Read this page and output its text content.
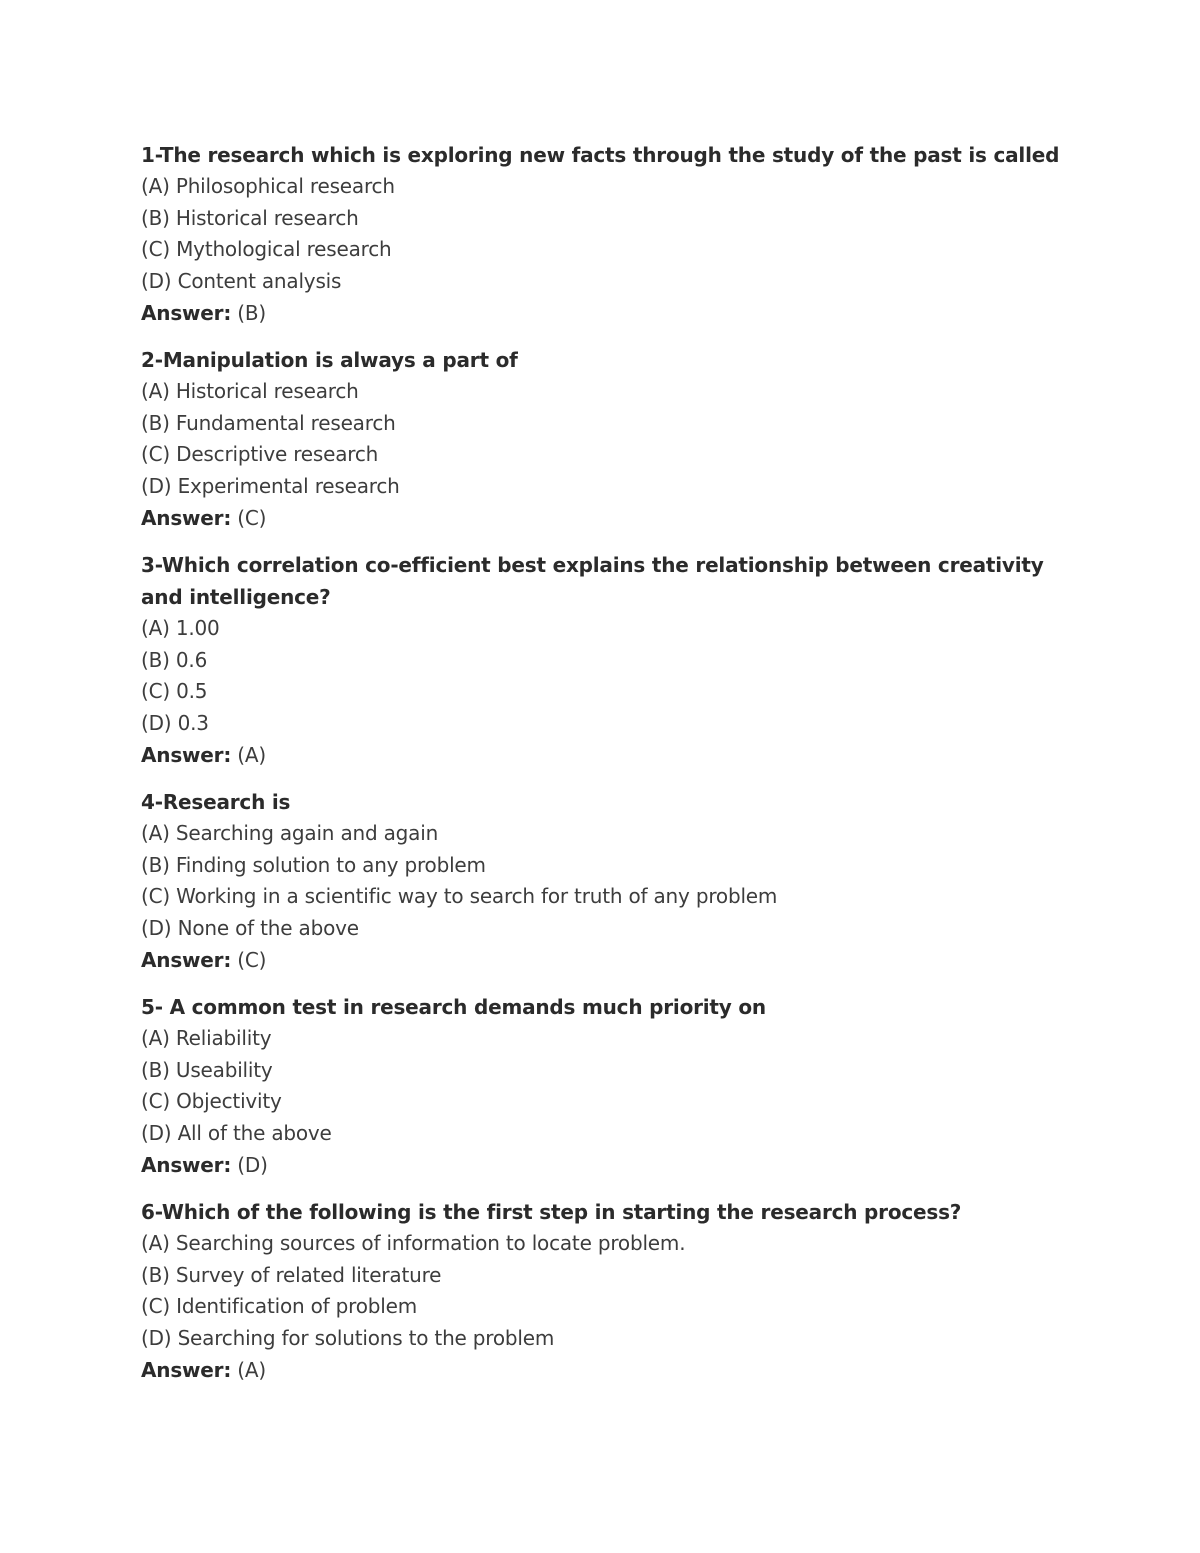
1-The research which is exploring new facts through the study of the past is called
(A) Philosophical research
(B) Historical research
(C) Mythological research
(D) Content analysis
Answer: (B)
2-Manipulation is always a part of
(A) Historical research
(B) Fundamental research
(C) Descriptive research
(D) Experimental research
Answer: (C)
3-Which correlation co-efficient best explains the relationship between creativity and intelligence?
(A) 1.00
(B) 0.6
(C) 0.5
(D) 0.3
Answer: (A)
4-Research is
(A) Searching again and again
(B) Finding solution to any problem
(C) Working in a scientific way to search for truth of any problem
(D) None of the above
Answer: (C)
5- A common test in research demands much priority on
(A) Reliability
(B) Useability
(C) Objectivity
(D) All of the above
Answer: (D)
6-Which of the following is the first step in starting the research process?
(A) Searching sources of information to locate problem.
(B) Survey of related literature
(C) Identification of problem
(D) Searching for solutions to the problem
Answer: (A)
